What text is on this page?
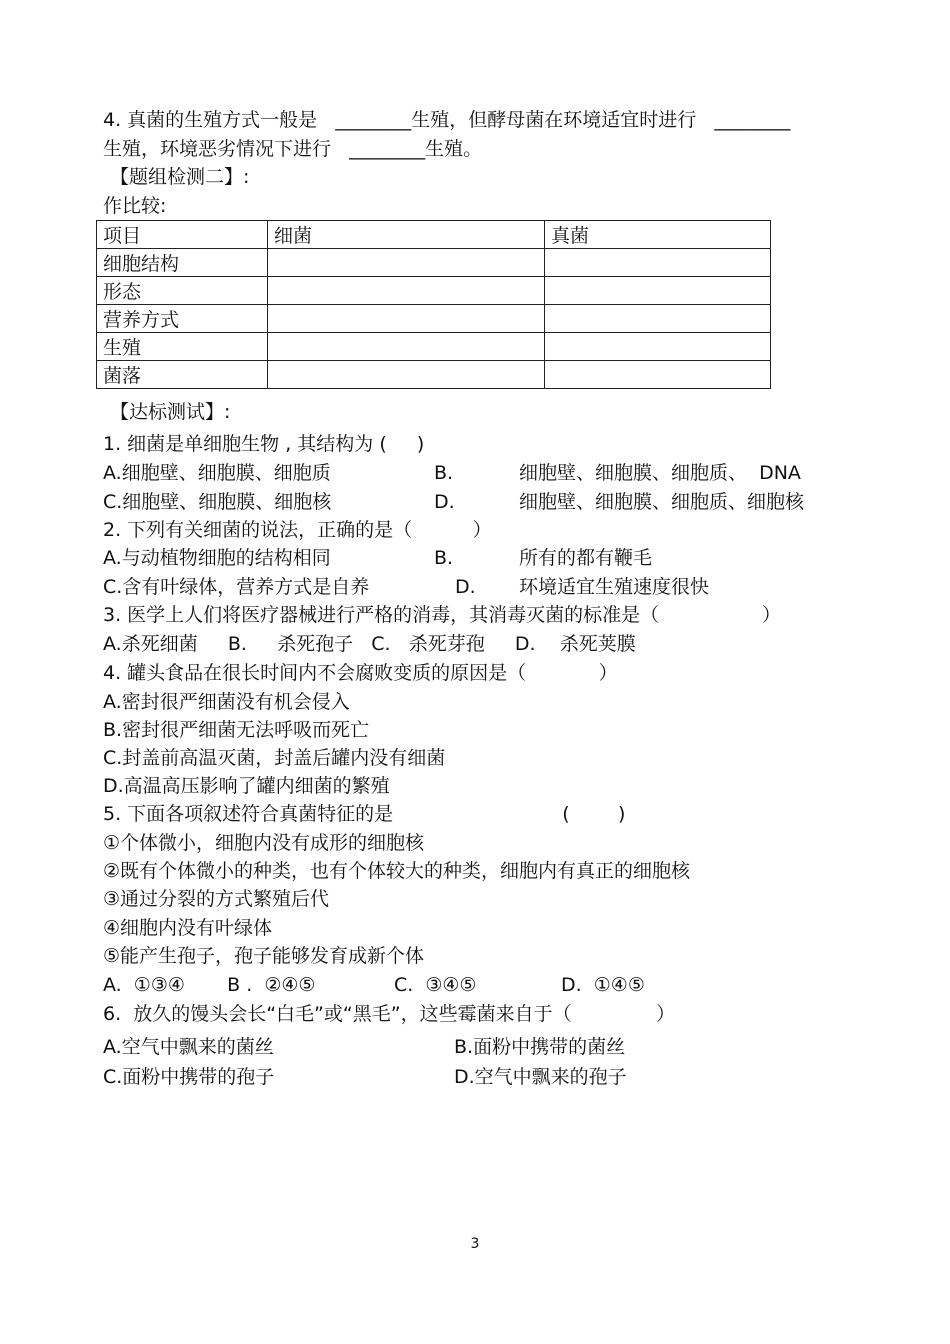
4. 真菌的生殖方式一般是   ________生殖，但酵母菌在环境适宜时进行   ________
生殖，环境恶劣情况下进行   ________生殖。
【题组检测二】:
作比较:
项目	细菌	真菌
细胞结构		
形态		
营养方式		
生殖		
菌落		
【达标测试】:
1. 细菌是单细胞生物 , 其结构为 (     )
A.细胞壁、细胞膜、细胞质	B.	细胞壁、细胞膜、细胞质、  DNA
C.细胞壁、细胞膜、细胞核	D.	细胞壁、细胞膜、细胞质、细胞核
2. 下列有关细菌的说法，正确的是（          ）
A.与动植物细胞的结构相同	B.	所有的都有鞭毛
C.含有叶绿体，营养方式是自养	D. 环境适宜生殖速度很快
3. 医学上人们将医疗器械进行严格的消毒，其消毒灭菌的标准是（                 ）
A.杀死细菌     B.     杀死孢子   C.   杀死芽孢     D.    杀死荚膜
4. 罐头食品在很长时间内不会腐败变质的原因是（            ）
A.密封很严细菌没有机会侵入
B.密封很严细菌无法呼吸而死亡
C.封盖前高温灭菌，封盖后罐内没有细菌
D.高温高压影响了罐内细菌的繁殖
5. 下面各项叙述符合真菌特征的是                            (        )
①个体微小，细胞内没有成形的细胞核
②既有个体微小的种类，也有个体较大的种类，细胞内有真正的细胞核
③通过分裂的方式繁殖后代
④细胞内没有叶绿体
⑤能产生孢子，孢子能够发育成新个体
A.  ①③④       B .  ②④⑤             C.  ③④⑤              D.  ①④⑤
6.  放久的馒头会长“白毛”或“黑毛”，这些霉菌来自于（              ）
A.空气中飘来的菌丝	B.面粉中携带的菌丝
C.面粉中携带的孢子	D.空气中飘来的孢子
3
